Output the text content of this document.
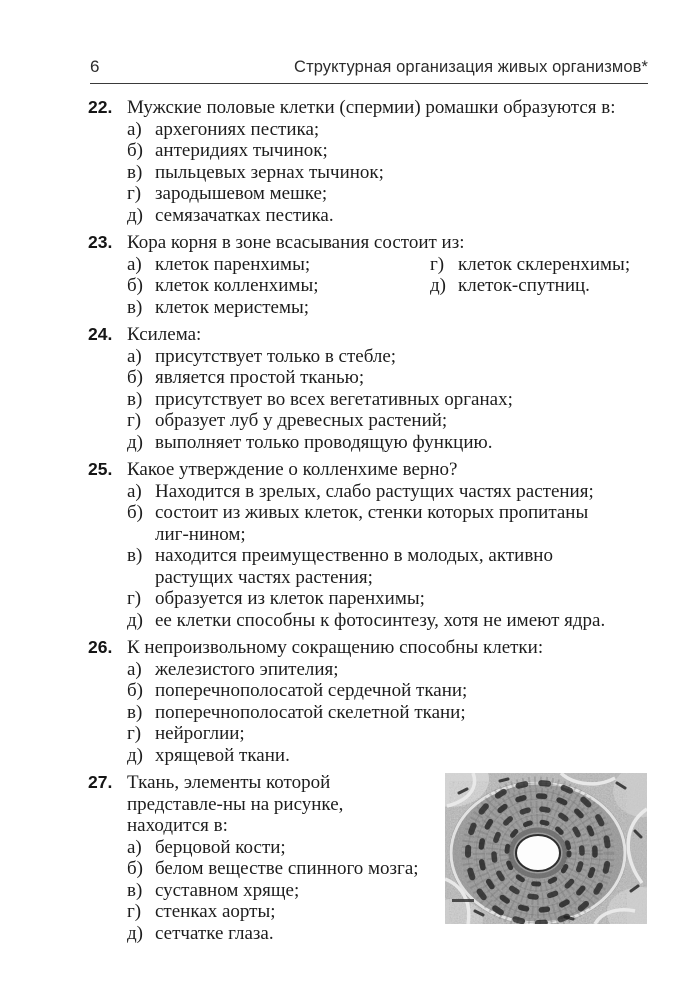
6	Структурная организация живых организмов*
22. Мужские половые клетки (спермии) ромашки образуются в:
а) архегониях пестика;
б) антеридиях тычинок;
в) пыльцевых зернах тычинок;
г) зародышевом мешке;
д) семязачатках пестика.
23. Кора корня в зоне всасывания состоит из:
а) клеток паренхимы;
б) клеток колленхимы;
в) клеток меристемы;
г) клеток склеренхимы;
д) клеток-спутниц.
24. Ксилема:
а) присутствует только в стебле;
б) является простой тканью;
в) присутствует во всех вегетативных органах;
г) образует луб у древесных растений;
д) выполняет только проводящую функцию.
25. Какое утверждение о колленхиме верно?
а) Находится в зрелых, слабо растущих частях растения;
б) состоит из живых клеток, стенки которых пропитаны лиг-нином;
в) находится преимущественно в молодых, активно растущих частях растения;
г) образуется из клеток паренхимы;
д) ее клетки способны к фотосинтезу, хотя не имеют ядра.
26. К непроизвольному сокращению способны клетки:
а) железистого эпителия;
б) поперечнополосатой сердечной ткани;
в) поперечнополосатой скелетной ткани;
г) нейроглии;
д) хрящевой ткани.
27. Ткань, элементы которой представле-ны на рисунке, находится в:
а) берцовой кости;
б) белом веществе спинного мозга;
в) суставном хряще;
г) стенках аорты;
д) сетчатке глаза.
